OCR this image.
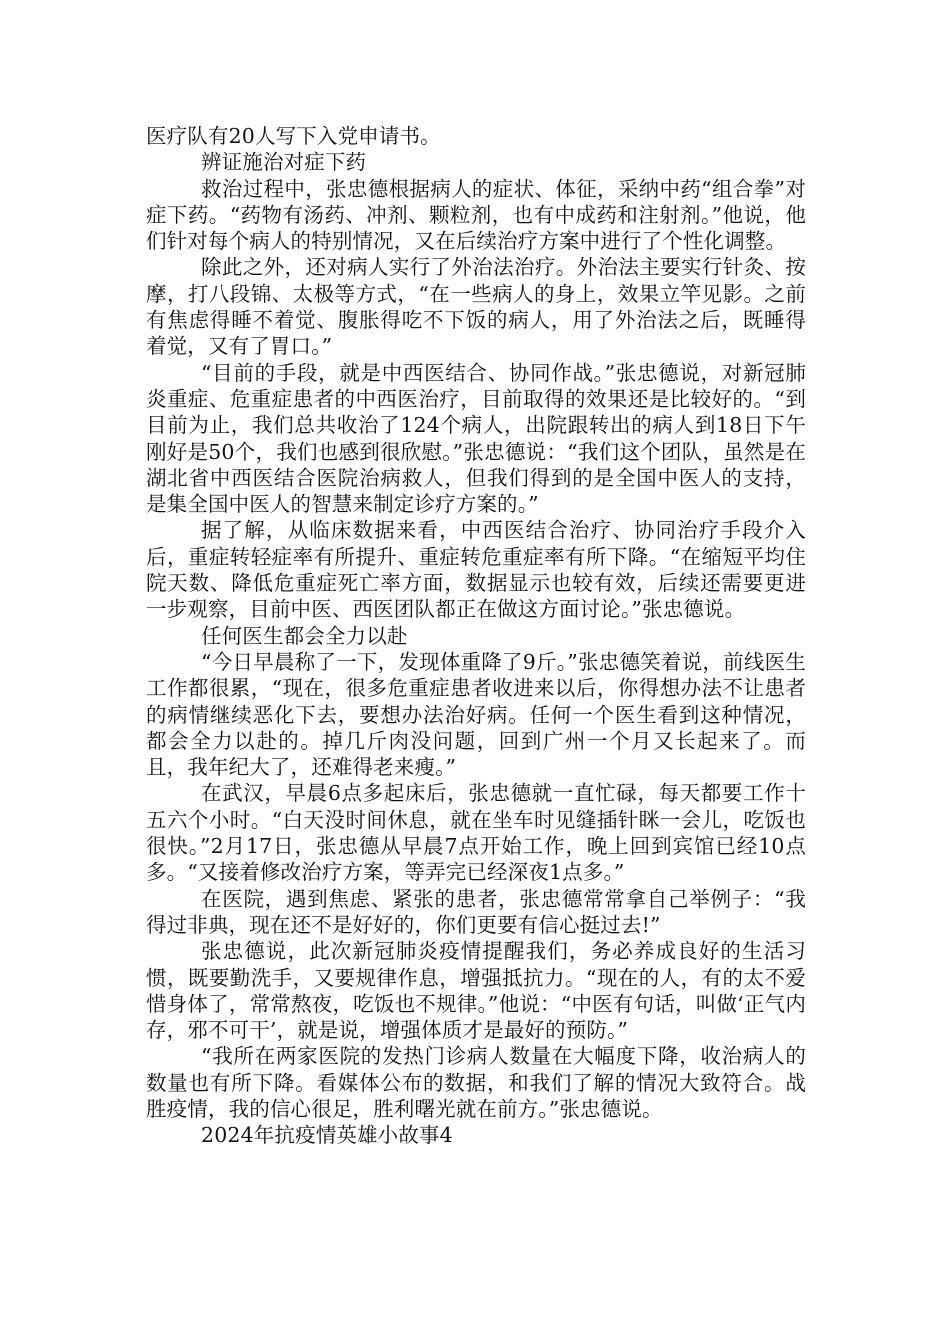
医疗队有20人写下入党申请书。

辨证施治对症下药

救治过程中，张忠德根据病人的症状、体征，采纳中药“组合拳”对症下药。“药物有汤药、冲剂、颗粒剂，也有中成药和注射剂。”他说，他们针对每个病人的特别情况，又在后续治疗方案中进行了个性化调整。

除此之外，还对病人实行了外治法治疗。外治法主要实行针灸、按摩，打八段锦、太极等方式，“在一些病人的身上，效果立竿见影。之前有焦虑得睡不着觉、腹胀得吃不下饭的病人，用了外治法之后，既睡得着觉，又有了胃口。”

“目前的手段，就是中西医结合、协同作战。”张忠德说，对新冠肺炎重症、危重症患者的中西医治疗，目前取得的效果还是比较好的。“到目前为止，我们总共收治了124个病人，出院跟转出的病人到18日下午刚好是50个，我们也感到很欣慰。”张忠德说：“我们这个团队，虽然是在湖北省中西医结合医院治病救人，但我们得到的是全国中医人的支持，是集全国中医人的智慧来制定诊疗方案的。”

据了解，从临床数据来看，中西医结合治疗、协同治疗手段介入后，重症转轻症率有所提升、重症转危重症率有所下降。“在缩短平均住院天数、降低危重症死亡率方面，数据显示也较有效，后续还需要更进一步观察，目前中医、西医团队都正在做这方面讨论。”张忠德说。

任何医生都会全力以赴

“今日早晨称了一下，发现体重降了9斤。”张忠德笑着说，前线医生工作都很累，“现在，很多危重症患者收进来以后，你得想办法不让患者的病情继续恶化下去，要想办法治好病。任何一个医生看到这种情况，都会全力以赴的。掉几斤肉没问题，回到广州一个月又长起来了。而且，我年纪大了，还难得老来瘦。”

在武汉，早晨6点多起床后，张忠德就一直忙碌，每天都要工作十五六个小时。“白天没时间休息，就在坐车时见缝插针眯一会儿，吃饭也很快。”2月17日，张忠德从早晨7点开始工作，晚上回到宾馆已经10点多。“又接着修改治疗方案，等弄完已经深夜1点多。”

在医院，遇到焦虑、紧张的患者，张忠德常常拿自己举例子：“我得过非典，现在还不是好好的，你们更要有信心挺过去!”

张忠德说，此次新冠肺炎疫情提醒我们，务必养成良好的生活习惯，既要勤洗手，又要规律作息，增强抵抗力。“现在的人，有的太不爱惜身体了，常常熬夜，吃饭也不规律。”他说：“中医有句话，叫做‘正气内存，邪不可干’，就是说，增强体质才是最好的预防。”

“我所在两家医院的发热门诊病人数量在大幅度下降，收治病人的数量也有所下降。看媒体公布的数据，和我们了解的情况大致符合。战胜疫情，我的信心很足，胜利曙光就在前方。”张忠德说。

2024年抗疫情英雄小故事4
